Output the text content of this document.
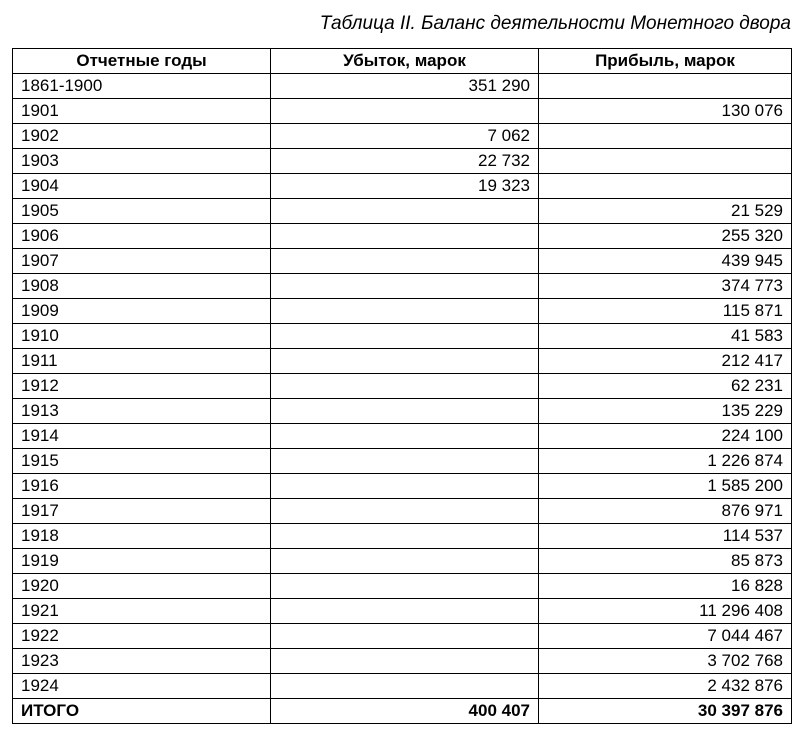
Таблица II. Баланс деятельности Монетного двора
Отчетные годы	Убыток, марок	Прибыль, марок
1861-1900	351 290	
1901		130 076
1902	7 062	
1903	22 732	
1904	19 323	
1905		21 529
1906		255 320
1907		439 945
1908		374 773
1909		115 871
1910		41 583
1911		212 417
1912		62 231
1913		135 229
1914		224 100
1915		1 226 874
1916		1 585 200
1917		876 971
1918		114 537
1919		85 873
1920		16 828
1921		11 296 408
1922		7 044 467
1923		3 702 768
1924		2 432 876
ИТОГО	400 407	30 397 876
